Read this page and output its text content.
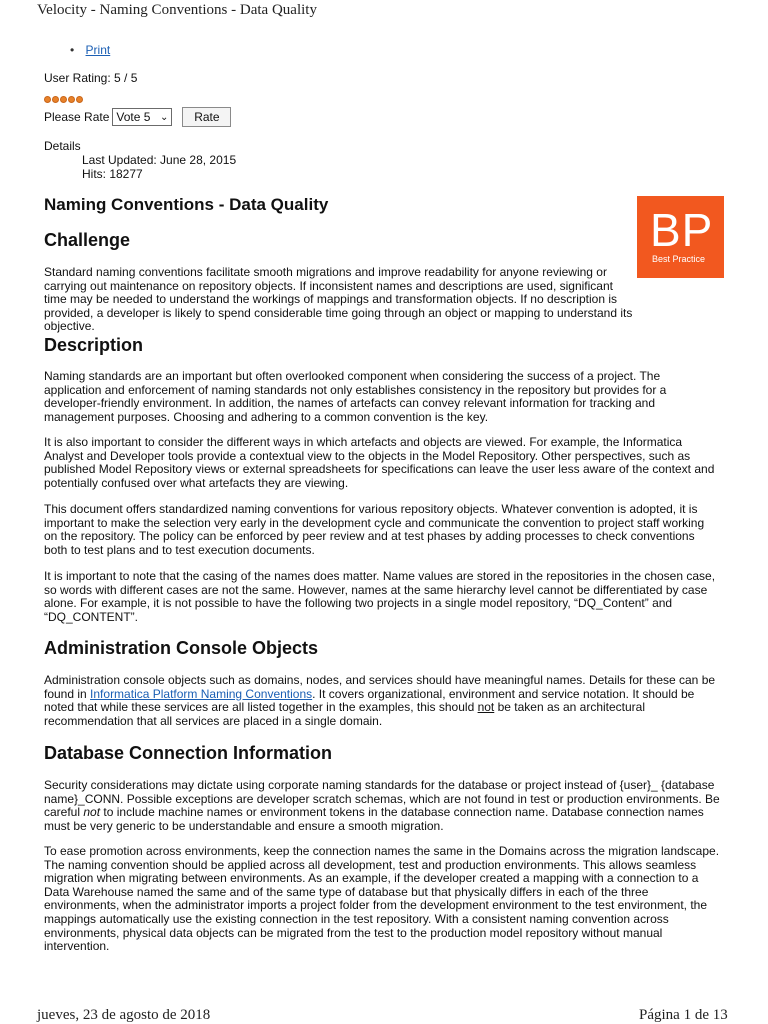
Velocity - Naming Conventions - Data Quality
• Print
User Rating: 5 / 5
Please Rate Vote 5 ⌄	Rate
Details
Last Updated: June 28, 2015
Hits: 18277
Naming Conventions - Data Quality
Challenge

Standard naming conventions facilitate smooth migrations and improve readability for anyone reviewing or carrying out maintenance on repository objects. If inconsistent names and descriptions are used, significant time may be needed to understand the workings of mappings and transformation objects. If no description is provided, a developer is likely to spend considerable time going through an object or mapping to understand its objective.

Description

Naming standards are an important but often overlooked component when considering the success of a project. The application and enforcement of naming standards not only establishes consistency in the repository but provides for a developer-friendly environment. In addition, the names of artefacts can convey relevant information for tracking and management purposes. Choosing and adhering to a common convention is the key.

It is also important to consider the different ways in which artefacts and objects are viewed. For example, the Informatica Analyst and Developer tools provide a contextual view to the objects in the Model Repository. Other perspectives, such as published Model Repository views or external spreadsheets for specifications can leave the user less aware of the context and potentially confused over what artefacts they are viewing.

This document offers standardized naming conventions for various repository objects. Whatever convention is adopted, it is important to make the selection very early in the development cycle and communicate the convention to project staff working on the repository. The policy can be enforced by peer review and at test phases by adding processes to check conventions both to test plans and to test execution documents.

It is important to note that the casing of the names does matter. Name values are stored in the repositories in the chosen case, so words with different cases are not the same. However, names at the same hierarchy level cannot be differentiated by case alone. For example, it is not possible to have the following two projects in a single model repository, “DQ_Content” and “DQ_CONTENT”.

Administration Console Objects

Administration console objects such as domains, nodes, and services should have meaningful names. Details for these can be found in Informatica Platform Naming Conventions. It covers organizational, environment and service notation. It should be noted that while these services are all listed together in the examples, this should not be taken as an architectural recommendation that all services are placed in a single domain.

Database Connection Information

Security considerations may dictate using corporate naming standards for the database or project instead of {user}_ {database name}_CONN. Possible exceptions are developer scratch schemas, which are not found in test or production environments. Be careful not to include machine names or environment tokens in the database connection name. Database connection names must be very generic to be understandable and ensure a smooth migration.

To ease promotion across environments, keep the connection names the same in the Domains across the migration landscape. The naming convention should be applied across all development, test and production environments. This allows seamless migration when migrating between environments. As an example, if the developer created a mapping with a connection to a Data Warehouse named the same and of the same type of database but that physically differs in each of the three environments, when the administrator imports a project folder from the development environment to the test environment, the mappings automatically use the existing connection in the test repository. With a consistent naming convention across environments, physical data objects can be migrated from the test to the production model repository without manual intervention.

BP
Best Practice
jueves, 23 de agosto de 2018	Página 1 de 13
